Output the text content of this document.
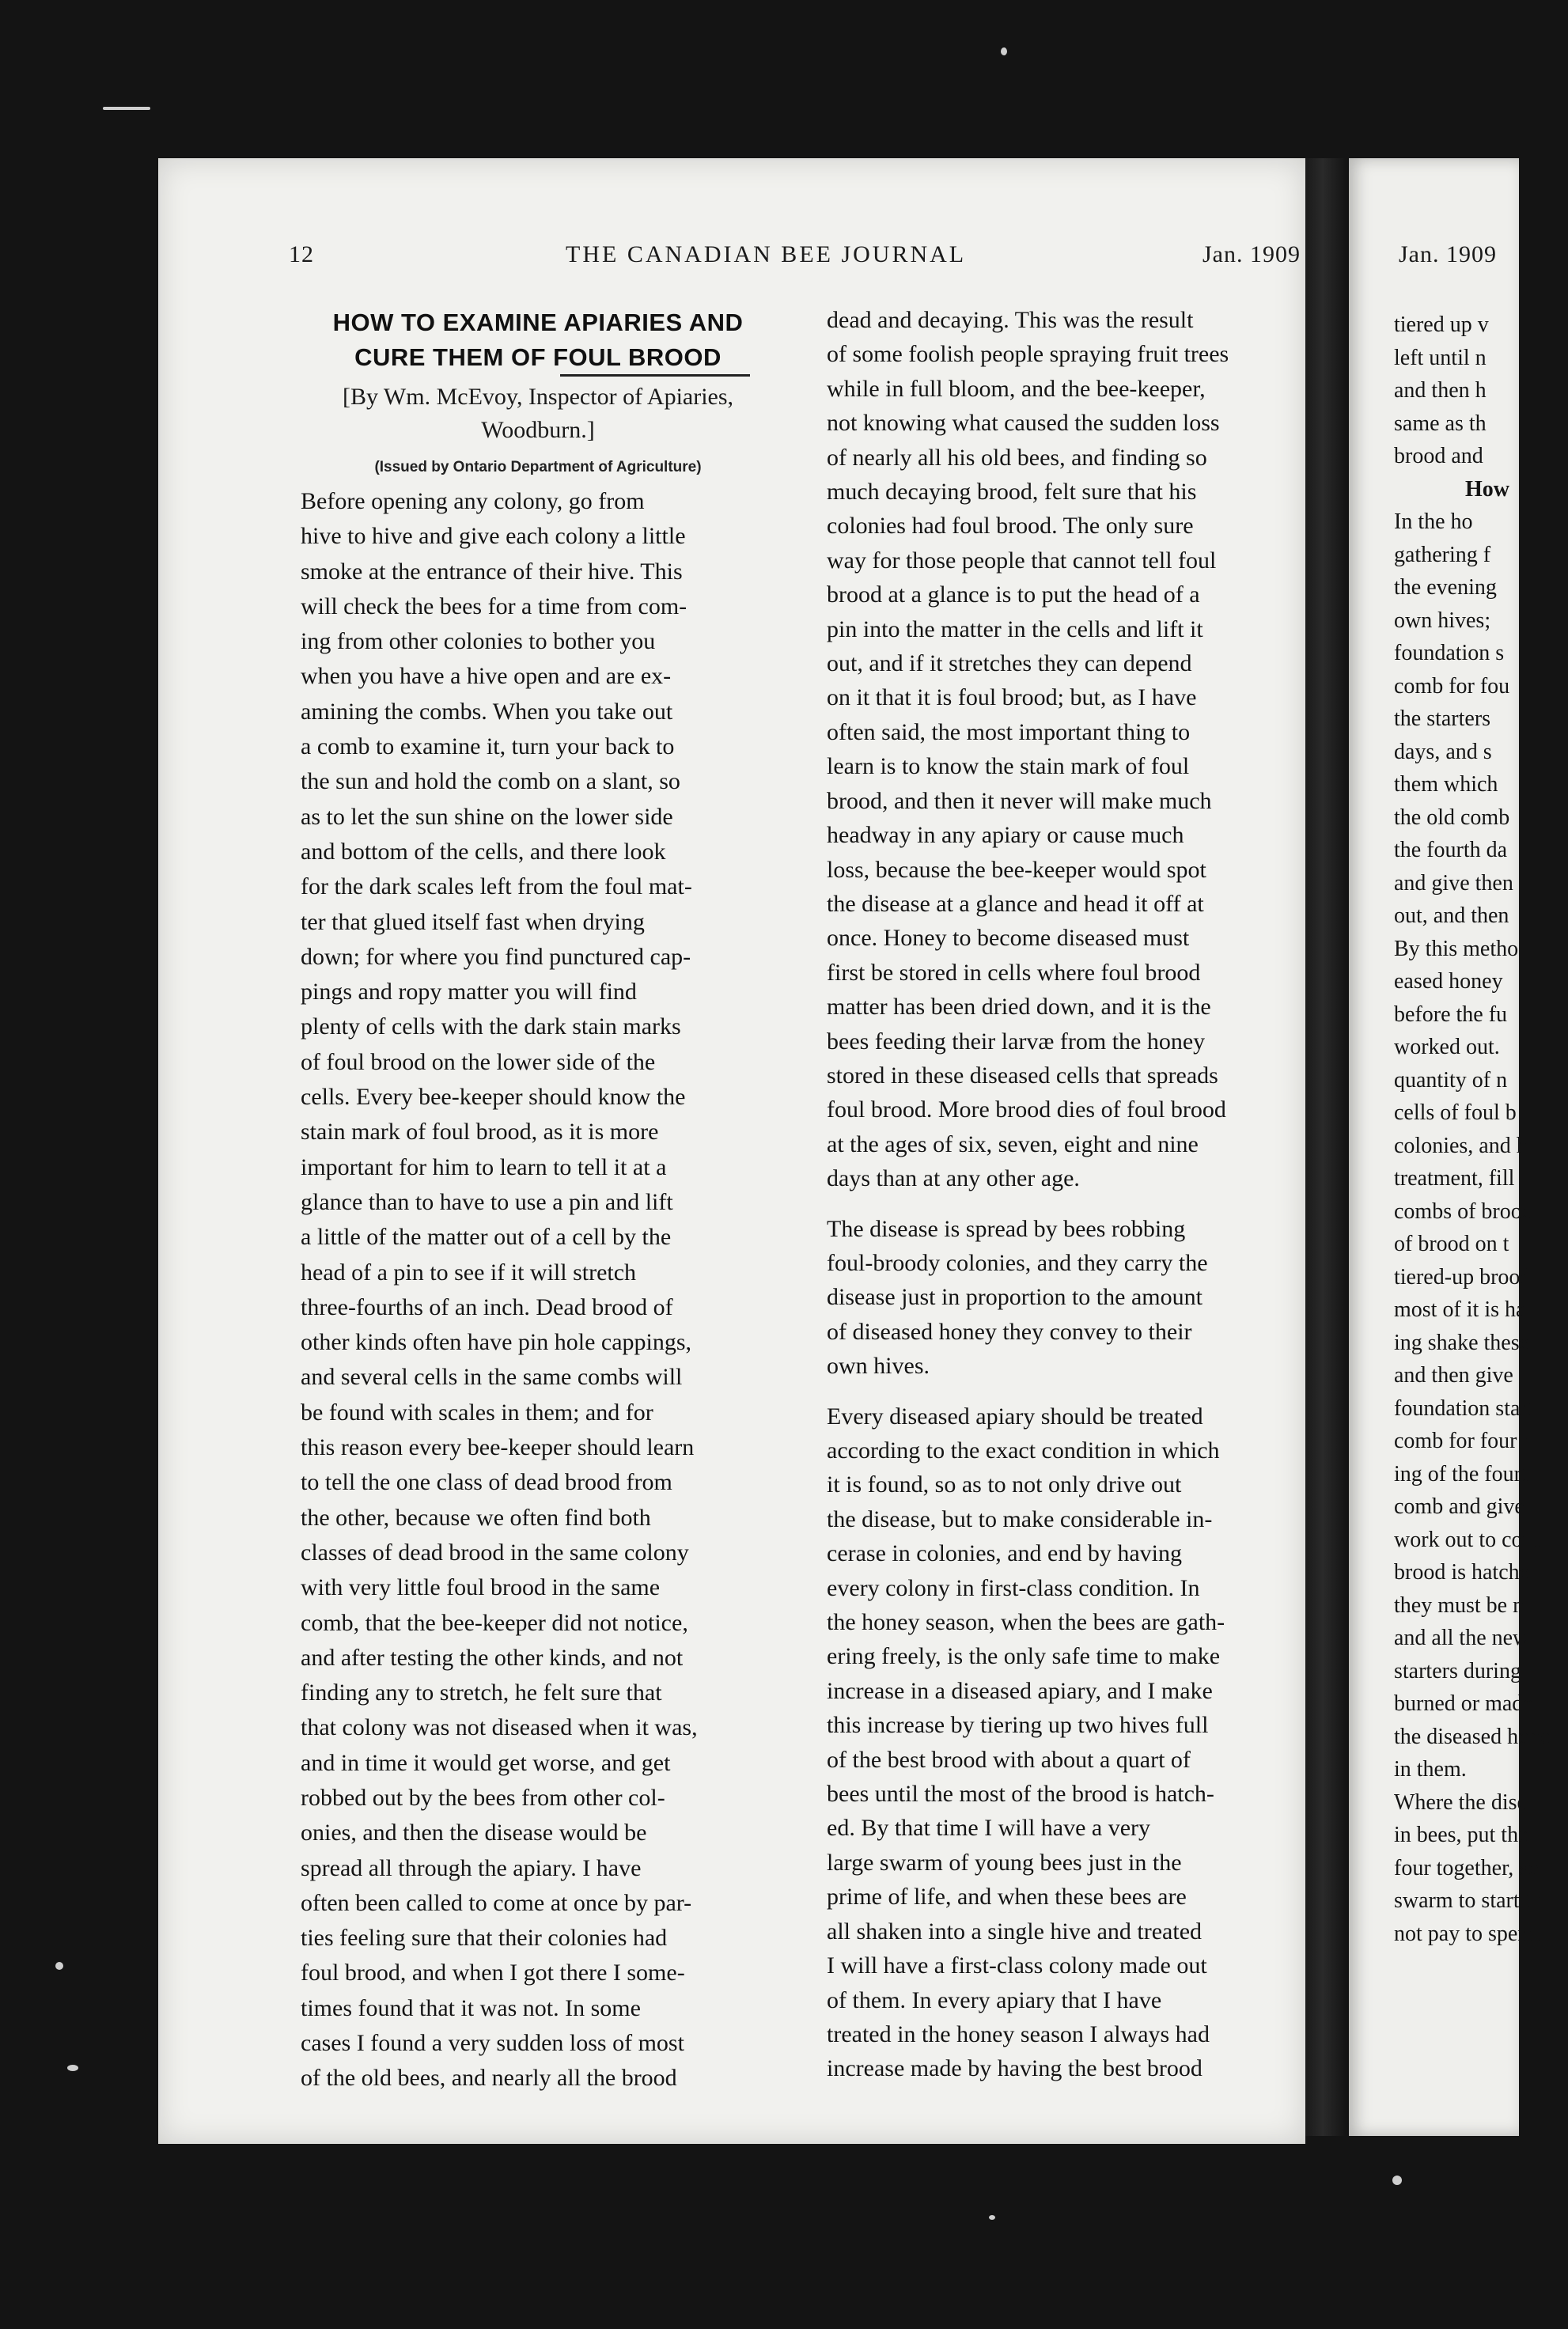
12	THE CANADIAN BEE JOURNAL	Jan. 1909
HOW TO EXAMINE APIARIES AND
CURE THEM OF FOUL BROOD
[By Wm. McEvoy, Inspector of Apiaries,
Woodburn.]
(Issued by Ontario Department of Agriculture)
Before opening any colony, go from
hive to hive and give each colony a little
smoke at the entrance of their hive. This
will check the bees for a time from com-
ing from other colonies to bother you
when you have a hive open and are ex-
amining the combs. When you take out
a comb to examine it, turn your back to
the sun and hold the comb on a slant, so
as to let the sun shine on the lower side
and bottom of the cells, and there look
for the dark scales left from the foul mat-
ter that glued itself fast when drying
down; for where you find punctured cap-
pings and ropy matter you will find
plenty of cells with the dark stain marks
of foul brood on the lower side of the
cells. Every bee-keeper should know the
stain mark of foul brood, as it is more
important for him to learn to tell it at a
glance than to have to use a pin and lift
a little of the matter out of a cell by the
head of a pin to see if it will stretch
three-fourths of an inch. Dead brood of
other kinds often have pin hole cappings,
and several cells in the same combs will
be found with scales in them; and for
this reason every bee-keeper should learn
to tell the one class of dead brood from
the other, because we often find both
classes of dead brood in the same colony
with very little foul brood in the same
comb, that the bee-keeper did not notice,
and after testing the other kinds, and not
finding any to stretch, he felt sure that
that colony was not diseased when it was,
and in time it would get worse, and get
robbed out by the bees from other col-
onies, and then the disease would be
spread all through the apiary. I have
often been called to come at once by par-
ties feeling sure that their colonies had
foul brood, and when I got there I some-
times found that it was not. In some
cases I found a very sudden loss of most
of the old bees, and nearly all the brood
dead and decaying. This was the result
of some foolish people spraying fruit trees
while in full bloom, and the bee-keeper,
not knowing what caused the sudden loss
of nearly all his old bees, and finding so
much decaying brood, felt sure that his
colonies had foul brood. The only sure
way for those people that cannot tell foul
brood at a glance is to put the head of a
pin into the matter in the cells and lift it
out, and if it stretches they can depend
on it that it is foul brood; but, as I have
often said, the most important thing to
learn is to know the stain mark of foul
brood, and then it never will make much
headway in any apiary or cause much
loss, because the bee-keeper would spot
the disease at a glance and head it off at
once. Honey to become diseased must
first be stored in cells where foul brood
matter has been dried down, and it is the
bees feeding their larvæ from the honey
stored in these diseased cells that spreads
foul brood. More brood dies of foul brood
at the ages of six, seven, eight and nine
days than at any other age.
The disease is spread by bees robbing
foul-broody colonies, and they carry the
disease just in proportion to the amount
of diseased honey they convey to their
own hives.
Every diseased apiary should be treated
according to the exact condition in which
it is found, so as to not only drive out
the disease, but to make considerable in-
cerase in colonies, and end by having
every colony in first-class condition. In
the honey season, when the bees are gath-
ering freely, is the only safe time to make
increase in a diseased apiary, and I make
this increase by tiering up two hives full
of the best brood with about a quart of
bees until the most of the brood is hatch-
ed. By that time I will have a very
large swarm of young bees just in the
prime of life, and when these bees are
all shaken into a single hive and treated
I will have a first-class colony made out
of them. In every apiary that I have
treated in the honey season I always had
increase made by having the best brood
Jan. 1909
tiered up v
left until n
and then h
same as th
brood and
How
In the ho
gathering f
the evening
own hives;
foundation s
comb for fou
the starters
days, and s
them which
the old comb
the fourth da
and give then
out, and then
By this metho
eased honey
before the fu
worked out.
quantity of n
cells of foul b
colonies, and h
treatment, fill
combs of brood
of brood on t
tiered-up brood
most of it is ha
ing shake these
and then give
foundation start
comb for four d
ing of the fourt
comb and give
work out to com
brood is hatche
they must be m
and all the new
starters during
burned or made
the diseased hone
in them.
Where the dise
in bees, put the
four together, so
swarm to start th
not pay to spend
